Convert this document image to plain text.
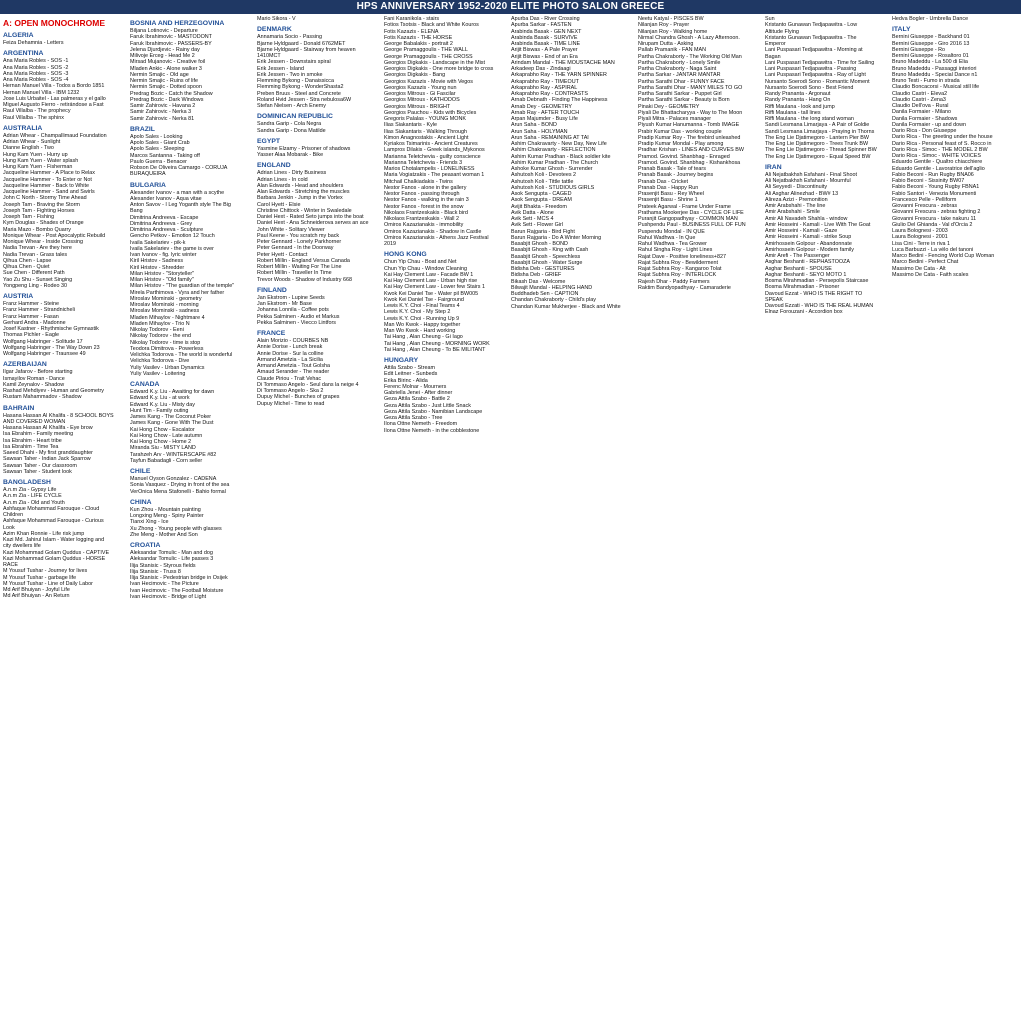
HPS ANNIVERSARY 1952-2020 ELITE PHOTO SALON GREECE
A: OPEN MONOCHROME
ALGERIA
Feiza Dehamnia - Letters
ARGENTINA
Ana Maria Robles - SOS -1
Ana Maria Robles - SOS -2
Ana Maria Robles - SOS -3
Ana Maria Robles - SOS -4
Hernan Manuel Villa - Todos a Bordo 1851
Hernan Manuel Villa - IBM 1232
Jose Luis Urbaitel - Las palmeras y el gallo
Miguel Augusto Fierro - retirándose a Fast
Raul Villalba - The prophecy
Raul Villalba - The sphinx
AUSTRALIA
Adrian Whear - Champallimaud Foundation
Adrian Whear - Sunlight
Dianne English - Two
Hung Kam Yuen - Hurry up
Hung Kam Yuen - Water splash
Hung Kam Yuen - Fisherman
Jacqueline Hammer - A Place to Relax
Jacqueline Hammer - To Enter or Not
Jacqueline Hammer - Back to White
Jacqueline Hammer - Sand and Swirls
John C North - Stormy Time Ahead
Joseph Tam - Braving the Storm
Joseph Tam - Fighting Horses
Joseph Tam - Fishing
Kym Douglas - Shades of Orange
Maria Mazo - Bombo Quarry
Monique Whear - Post Apocalyptic Rebuild
Monique Whear - Inside Crossing
Nadia Trevan - Are they here
Nadia Trevan - Grass tales
Qihua Chen - Lapse
Qihua Chen - Quiet
Sue Chen - Different Path
Yao Zu Shu - Sunset Singing
Yongpeng Ling - Rodeo 30
AUSTRIA
Franz Hammer - Steine
Franz Hammer - Strandnicheli
Franz Hammer - Fasan
Gerhard Andra - Madonne
Josef Kastner - Rhythmische Gymnastik
Thomas Pichler - Eagle
Wolfgang Habringer - Solitude 17
Wolfgang Habringer - The Way Down 23
Wolfgang Habringer - Traunsee 49
AZERBAIJAN
Ilgar Jafarov - Before starting
Ismayilov Roman - Dance
Kamil Zeynalov - Shadow
Rashad Mehdiyev - Human and Geometry
Rustam Mahammadov - Shadow
BAHRAIN
Hasana Hassan Al Khalifa - 8 SCHOOL BOYS
AND COVERED WOMAN
Hasana Hassan Al Khalifa - Eye brow
Isa Ebrahim - Family meeting
Isa Ebrahim - Heart tribe
Isa Ebrahim - Time Tea
Saeed Dhahi - My first granddaughter
Sawsan Taher - Indian Jack Sparrow
Sawsan Taher - Our classroom
Sawsan Taher - Student look
BANGLADESH
A.n.m Zia - Gypsy Life
A.n.m Zia - LIFE CYCLE
A.n.m Zia - Old and Youth
Ashfaque Mohammad Farouque - Cloud
Children
Ashfaque Mohammad Farouque - Curious
Look
Azim Khan Ronnie - Life risk jump
Kazi Md. Jahirul Islam - Water logging and
city dwellers life
Kazi Mohammad Golam Quddus - CAPTIVE
Kazi Mohammad Golam Quddus - HORSE
RACE
M Yousuf Tushar - Journey for lives
M Yousuf Tushar - garbage life
M Yousuf Tushar - Line of Daily Labor
Md Arif Bhuiyan - Joyful Life
Md Arif Bhuiyan - An Return
BOSNIA AND HERZEGOVINA
Biljana Lotinovic - Departure
Faruk Ibrahimovic - MASTODONT
Faruk Ibrahimovic - PASSERS-BY
Jelena Djurdjevic - Rainy day
Milivoje Erceg - Head Me 2
Mirsad Mujanovic - Creative foil
Mladen Ankic - Alone walker 3
Nermin Smajic - Old age
Nermin Smajic - Ruins of life
Nermin Smajic - Dotted spoon
Predrag Bozic - Catch the Shadow
Predrag Bozic - Dark Windows
Samir Zahirovic - Havana 2
Samir Zahirovic - Nerka 3
Samir Zahirovic - Nerka 81
BRAZIL
Apolo Sales - Looking
Apolo Sales - Giant Crab
Apolo Sales - Sleeping
Marcos Santanna - Taking off
Paulo Guerra - Benacer
Robson De Oliveira Camargo - CORUJA
BURAQUEIRA
BULGARIA
Alexander Ivanov - a man with a scythe
Alexander Ivanov - Aqua vitae
Anton Savov - I Leg Yoganth style The Big
Bang
Dimitrina Andreeva - Escape
Dimitrina Andreeva - Grey
Dimitrina Andreeva - Sculpture
Gencho Petkov - Emotion 12 Touch
Ivaila Sakelariev - pik-k
Ivaila Sakelariev - the game is over
Ivan Ivanov - fig. lyric winter
Kiril Hristov - Sadness
Kiril Hristov - Shredder
Milan Hristov - "Storyteller"
Milan Hristov - "Old family"
Milan Hristov - "The guardian of the temple"
Mirela Parthimova - Vyra and her father
Miroslav Mominski - geometry
Miroslav Mominski - morning
Miroslav Mominski - sadness
Mladen Mihaylov - Nightmare 4
Mladen Mihaylov - Trio N
Nikolay Todorov - Eeni
Nikolay Todorov - the end
Nikolay Todorov - time is stop
Teodora Dimitrova - Powerless
Velichka Todorova - The world is wonderful
Velichka Todorova - Dive
Yuliy Vasilev - Urban Dynamics
Yuliy Vasilev - Loitering
CANADA
Edward K.y. Liu - Awaiting for dawn
Edward K.y. Liu - at work
Edward K.y. Liu - Misty day
Hunt Tim - Family outing
James Kang - The Coconut Poker
James Kang - Gone With The Dust
Kai Hong Chow - Escalator
Kai Hong Chow - Late autumn
Kai Hong Chow - Home 2
Miranda Siu - MISTY LAND
Tarahzeh Arv - WINTERSCAPE #82
Tayfun Babadagli - Corn seller
CHILE
Manuel Oyson Gonzalez - CADENA
Sonia Vasquez - Drying in front of the sea
VerOnica Mena Stafonelli - Bahio formal
CHINA
Kun Zhou - Mountain painting
Longxing Meng - Spiny Painter
Tianxi Xing - Ice
Xu Zhong - Young people with glasses
Zhe Meng - Mother And Son
CROATIA
Aleksandar Tomulic - Man and dog
Aleksandar Tomulic - Life passes 3
Ilija Stanisic - Styrous fields
Ilija Stanisic - Truss 8
Ilija Stanisic - Pedestrian bridge in Osijek
Ivan Hecimovic - The Picture
Ivan Hecimovic - The Football Moisture
Ivan Hecimovic - Bridge of Light
Mario Sikora - V
DENMARK
Annamaria Socio - Passing
Bjarne Hyldgaard - Donald 6762MET
Bjarne Hyldgaard - Stairway from heaven
1410MCT
Erik Jessen - Downstairs spiral
Erik Jessen - Island
Erik Jessen - Two in smoke
Flemming Bykong - Danaissicca
Flemming Bykong - WonderShasta2
Preben Bruus - Steel and Concrete
Roland Hvid Jessen - Stra nebulosa6W
Stefan Nielsen - Arch Enemy
DOMINICAN REPUBLIC
Sandra Garip - Cola Negra
Sandra Garip - Dona Matilde
EGYPT
Yasmine Elzamy - Prisoner of shadows
Yasser Alaa Mobarak - Bike
ENGLAND
Adrian Lines - Dirty Business
Adrian Lines - In cold
Alan Edwards - Head and shoulders
Alan Edwards - Stretching the muscles
Barbara Jenkin - Jump in the Vortex
Carol Hyett - Elsie
Christine Chittock - Winter in Swaledale
Daniel Hext - Rated Seto jumps into the boat
Daniel Hext - Ana Schneiderova serves an ace
John White - Solitary Viewer
Paul Keene - You scratch my back
Peter Gennard - Lonely Parkhorner
Peter Gennard - In the Doorway
Peter Hyett - Contact
Robert Millin - England Versus Canada
Robert Millin - Waiting For The Line
Robert Millin - Traveller In Time
Trevor Woods - Shadow of Industry 668
FINLAND
Jan Ekstrom - Lupine Seeds
Jan Ekstrom - Mr Base
Johanna Lonnila - Coffee pots
Pekka Salminen - Audio et Markus
Pekka Salminen - Viecco Lintfors
FRANCE
Alain Morizio - COURBES NB
Annie Dorise - Lunch break
Annie Dorise - Sur la colline
Armand Ametzia - La Sicilia
Armand Ametzia - Tout Golsha
Arnaud Serander - The reader
Claude Piriou - Trait Vehac
Di Tommaso Angelo - Seul dans la neige 4
Di Tommaso Angelo - Ska 2
Dupuy Michel - Bunches of grapes
Dupuy Michel - Time to read
Fani Karanikola - stairs
Fotios Tsotsis - Black and White Kouros
Fotis Kazazis - ELENA
Fotis Kazazis - THE HORSE
George Babalakis - portrait 2
George Pramaggoulis - THE WALL
George Pramaggoulis - THE CROSS
Georgios Digkakis - Landscape in the Mist
Georgios Digkakis - One more bridge to cross
Georgios Digkakis - Bang
Georgios Kazazis - Movie with Vegos
Georgios Kazazis - Young nun
Georgios Mitrous - Gi Fascilar
Georgios Mitrous - KATHODOS
Georgios Mitrous - BRIGHT
Georgios Pauchou - Kids with Bicycles
Gregoris Palalas - YOUNG MONK
Ilias Siakantaris - Kyle
Ilias Siakantaris - Walking Through
Kimon Anagnostakis - Ancient Light
Kyriakos Tsimarinis - Ancient Creatures
Lampros Dilakis - Greek islands_Mykonos
Marianna Teletchevia - guilty conscience
Marianna Teletchevia - Friends 3
Marios Chotalampelis - LONELINESS
Maria Vogiatzakis - The peasant woman 1
Mitchail Chalkiadakis - Twins
Nestor Fanos - alone in the gallery
Nestor Fanos - passing through
Nestor Fanos - walking in the rain 3
Nestor Fanos - forest in the snow
Nikolaos Frantzeskakis - Black bird
Nikolaos Frantzeskakis - Wall 2
Omiros Kazazianakis - immobility
Omiros Kazazianakis - Shadow in Castle
Omiros Kazazianakis - Athens Jazz Festival
2019
HONG KONG
Chun Yip Chau - Boat and Net
Chun Yip Chau - Window Cleaning
Kai Hay Clement Law - Facade BW 1
Kai Hay Clement Law - Urban high rise
Kai Hay Clement Law - Lower few Stairs 1
Kwok Kei Daniel Tse - Water pil BW005
Kwok Kei Daniel Tse - Fairground
Lewis K.Y. Choi - Final Teams 4
Lewis K.Y. Choi - My Step 2
Lewis K.Y. Choi - Running Up 9
Man Wo Kwok - Happy together
Man Wo Kwok - Hard working
Tai Hang , Alan Cheung - Gi Iago
Tai Hang , Alan Cheung - MORNING WORK
Tai Hang , Alan Cheung - To BE MILITANT
HUNGARY
Attila Szabo - Stream
Edit Leitner - Sunbeds
Erika Birinc - Alida
Ferenc Molnar - Mourners
Gabriella Jenei - After dinner
Geza Attila Szabo - Battle 2
Geza Attila Szabo - Just Little Snack
Geza Attila Szabo - Namibian Landscape
Geza Attila Szabo - Tree
Ilona Ottne Nemeth - Freedom
Ilona Ottne Nemeth - in the cobblestone
Apurba Das - River Crossing
Apurba Sarkar - FASTEN
Arabinda Basak - GEN NEXT
Arabinda Basak - SURVIVE
Arabinda Basak - TIME LINE
Arijit Biswas - A Pale Prayer
Arijit Biswas - End of an Era
Arindam Mandal - THE MOUSTACHE MAN
Arkadeep Das - Zindaagi
Arkaprabho Ray - THE YARN SPINNER
Arkaprabho Ray - TIMEOUT
Arkaprabho Ray - ASPIRAL
Arkaprabho Ray - CONTRASTS
Arnab Debnath - Finding The Happiness
Arnab Dey - GEOMETRY
Arnab Ray - AFTER TOUCH
Arpan Majumder - Busy Life
Arun Saha - BOND
Arun Saha - HOLYMAN
Arun Saha - REMAINING AT TAI
Ashim Chakravarty - New Day, New Life
Ashim Chakravarty - REFLECTION
Ashim Kumar Pradhan - Black soldier kite
Ashim Kumar Pradhan - The Church
Ashoke Kumar Ghosh - Surrender
Ashutosh Koli - Devotees 2
Ashutosh Koli - Tittle tattle
Ashutosh Koli - STUDIOUS GIRLS
Asok Sengupta - CAGED
Asok Sengupta - DREAM
Avijit Bhakta - Freedom
Avik Datta - Alone
Avik Sett - MCS 4
Avik Sett - Flower Girl
Barun Rajgaria - Bird Fight
Barun Rajgaria - Do A Winter Morning
Basabjit Ghosh - BOND
Basabjit Ghosh - King with Cash
Basabjit Ghosh - Speechless
Basabjit Ghosh - Water Surge
Bidisha Deb - GESTURES
Bidisha Deb - GRIEF
Bikash Das - Welcome
Bilwajit Mandal - HELPING HAND
Buddhadeb Sen - CAPTION
Chandan Chakraborty - Child's play
Chandan Kumar Mukherjee - Black and White
Neetu Katyal - PISCES BW
Nilanjan Roy - Prayer
Nilanjan Roy - Walking home
Nirmal Chandra Ghosh - A Lazy Afternoon.
Nirupam Dutta - Asking
Pallab Pramanik - FAN MAN
Partha Chakraborty - The Working Old Man
Partha Chakraborty - Lonely Smile
Partha Chakraborty - Naga Saint
Partha Sarkar - JANTAR MANTAR
Partha Sarathi Dhar - FUNNY FACE
Partha Sarathi Dhar - MANY MILES TO GO
Partha Sarathi Sarkar - Puppet Girl
Partha Sarathi Sarkar - Beauty is Born
Pinaki Dey - GEOMETRY
Piyali De Bhattacharyya - Way to The Moon
Piyali Mitra - Palaces manager
Piyush Kumar Hanumanna - Tomb IMAGE
Prabir Kumar Das - working couple
Pradip Kumar Roy - The firebird unleashed
Pradip Kumar Mondal - Play among
Pradhar Krishan - LINES AND CURVES BW
Pramod. Govind. Shanbhag - Enraged
Pramod. Govind. Shanbhag - Kishankhosa
Pranab Basak - Tale of tears
Pranab Basak - Journey begins
Pranab Das - Cricket
Pranab Das - Happy Run
Prasenjit Basu - Rey Wheel
Prasenjit Basu - Shrine 1
Prateek Agarwal - Frame Under Frame
Prathama Mookerjee Das - CYCLE OF LIFE
Puranjit Gangopadhyay - COMMON MAN
Pushpendu Paul - BUSINESS FULL OF FUN
Puspendu Mondal - IN QUE
Rahul Wadhwa - In Que
Rahul Wadhwa - Tea Grower
Rahul Singha Roy - Light Lines
Rajat Dave - Positive loneliness+827
Rajat Subhra Roy - Bewilderment
Rajat Subhra Roy - Kangaroo Tolat
Rajat Subhra Roy - INTERLOCK
Rajesh Dhar - Paddy Farmers
Raktim Bandyopadhyay - Camaraderie
Sun
Kristanto Gunawan Tedjapawitra - Low
Altitude Flying
Kristanto Gunawan Tedjapawitra - The
Emperor
Lani Puspasari Tedjapawitra - Morning at
Bagan
Lani Puspasari Tedjapawitra - Time for Sailing
Lani Puspasari Tedjapawitra - Passing
Lani Puspasari Tedjapawitra - Ray of Light
Nursanto Soerodi Sono - Romantic Moment
Nursanto Soerodi Sono - Best Friend
Randy Prananta - Argonaut
Randy Prananta - Hang On
Riffi Maulana - look and jump
Riffi Maulana - tall lines
Riffi Maulana - the long stand woman
Sandi Lesmana Limarjaya - A Pair of Goldie
Sandi Lesmana Limarjaya - Praying in Thorns
The Eng Lie Djatimegoro - Lantern Pier BW
The Eng Lie Djatimegoro - Trees Trunk BW
The Eng Lie Djatimegoro - Thread Spinner BW
The Eng Lie Djatimegoro - Equal Speed BW
IRAN
Ali Nejatbakhsh Esfahani - Final Shoot
Ali Nejatbakhsh Esfahani - Mournful
Ali Seyyedi - Discontinuity
Ali Asghar Alinezhad - BW# 13
Alireza Azizi - Premonition
Amir Arabshahi - The line
Amir Arabshahi - Smile
Amir Ali Navadeh Shahla - window
Amir Hosseini - Kamali - Live With The Goat
Amir Hosseini - Kamali - Gaze
Amir Hosseini - Kamali - strike Soup
Amirhossein Golpour - Abandonnate
Amirhossein Golpour - Modern family
Amir Arefi - The Passenger
Asghar Beshanti - REPHASTOOZA
Asghar Beshanti - SPOUSE
Asghar Beshanti - SEYO MOTO 1
Bosma Mirahmadian - Persepolis Staircase
Bosma Mirahmadian - Prisoner
Davoud Ezzat - WHO IS THE RIGHT TO
SPEAK
Davoud Ezzati - WHO IS THE REAL HUMAN
Elnaz Forouzani - Accordion box
Hedva Bogler - Umbrella Dance
ITALY
Bernini Giuseppe - Backhand 01
Bernini Giuseppe - Giro 2016 13
Bernini Giuseppe - Ro
Bernini Giuseppe - Rosaltoro 01
Bruno Madeddu - La 500 di Elia
Bruno Madeddu - Passaggi interiori
Bruno Madeddu - Special Dance n1
Bruno Testi - Fumo in strada
Claudio Boncacorsi - Musical still life
Claudio Castri - Eleva2
Claudio Castri - Zena3
Claudio Dell'ova - Rural
Danila Formaier - Milano
Danila Formaier - Shadows
Danila Formaier - up and down
Dario Rica - Don Giuseppe
Dario Rica - The greeting under the house
Dario Rica - Personal feast of S. Rocco in
Dario Rica - Simoc - THE MODEL 2 BW
Dario Rica - Simoc - WHITE VOICES
Eduardo Gentile - Qualtro chiacchiere
Eduardo Gentile - Lavoratrice dell'aglio
Fabio Beconi - Run Rugby BNA06
Fabio Beconi - Sissinity BW07
Fabio Beconi - Young Rugby FBNA1
Fabio Santori - Venezia Monumenti
Francesco Pelle - Pelliform
Giovanni Frescura - zebras
Giovanni Frescura - zebras fighting 2
Giovanni Frescura - take nakuru 11
Giulio Del Ghianda - Val d'Orcia 2
Laura Bolognesi - 2003
Laura Bolognesi - 2001
Lisa Cini - Terre in riva 1
Luca Barbuzzi - La vélo del tanoni
Marco Bedini - Fencing World Cup Woman
Marco Bedini - Perfect Chat
Massimo De Cata - Alt
Massimo De Cata - Faith scales
